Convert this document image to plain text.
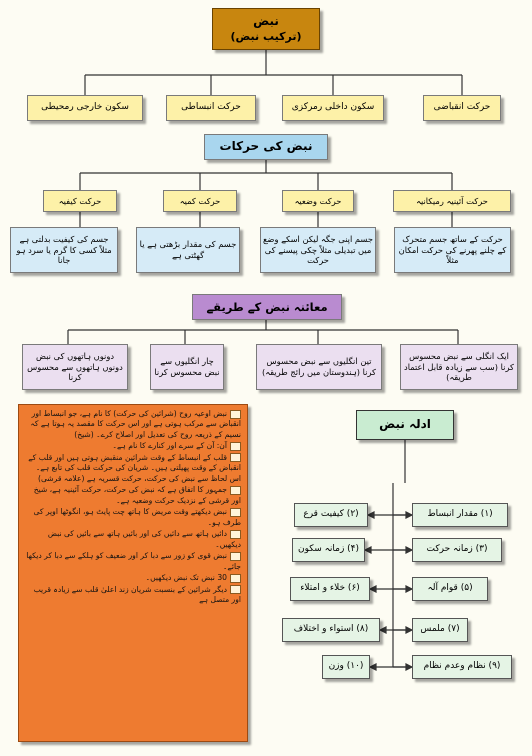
نبض
(ترکیب نبض)
حرکت انقباضی
سکون داخلی رمرکزی
حرکت انبساطی
سکون خارجی رمحیطی
نبض کی حرکات
حرکت آئینیہ رمیکانیہ
حرکت وضعیہ
حرکت کمیہ
حرکت کیفیہ
حرکت کے ساتھ جسم متحرک کے چلنے پھرنے کی حرکت امکان مثلاً
جسم اپنی جگہ لیکن اسکے وضع میں تبدیلی مثلاً چکی پیسنے کی حرکت
جسم کی مقدار بڑھتی ہے یا گھٹتی ہے
جسم کی کیفیت بدلتی ہے مثلاً کسی کا گرم یا سرد ہو جانا
معائنہ نبض کے طریقے
ایک انگلی سے نبض محسوس کرنا (سب سے زیادہ قابل اعتماد طریقہ)
تین انگلیوں سے نبض محسوس کرنا (ہندوستان میں رائج طریقہ)
چار انگلیوں سے نبض محسوس کرنا
دونوں ہاتھوں کی نبض دونوں ہاتھوں سے محسوس کرنا

نبض اوعیہ روح (شرائین کی حرکت) کا نام ہے، جو انبساط اور انقباض سے مرکب ہوتی ہے اور اس حرکت کا مقصد یہ ہوتا ہے کہ نسیم کے ذریعہ روح کی تعدیل اور اصلاح کرے۔ (شیخ)

آن: آن کے سرے اور کنارے کا نام ہے۔

قلب کے انبساط کے وقت شرائین منقبض ہوتی ہیں اور قلب کے انقباض کے وقت پھیلتی ہیں۔ شریان کی حرکت قلب کی تابع ہے۔ اس لحاظ سے نبض کی حرکت، حرکت قسریہ ہے (علامہ قرشی)

جمہور کا اتفاق ہے کہ نبض کی حرکت، حرکت آئینیہ ہے، شیخ اور قرشی کے نزدیک حرکت وضعیہ ہے۔

نبض دیکھتے وقت مریض کا ہاتھ چت پایٹ ہو، انگوٹھا اوپر کی طرف ہو۔

دائیں ہاتھ سے دائیں کی اور بائیں ہاتھ سے بائیں کی نبض دیکھیں۔

نبض قوی کو زور سے دبا کر اور ضعیف کو ہلکے سے دبا کر دیکھا جائے۔

30 نبض تک نبض دیکھیں۔

دیگر شرائین کے بنسبت شریان زند اعلیٰ قلب سے زیادہ قریب اور متصل ہے

ادلہ نبض
(۱) مقدار انبساط
(۳) زمانہ حرکت
(۵) قوام آلہ
(۷) ملمس
(۹) نظام وعدم نظام
(۲) کیفیت قرع
(۴) زمانہ سکون
(۶) خلاء و امتلاء
(۸) استواء و اختلاف
(۱۰) وزن
